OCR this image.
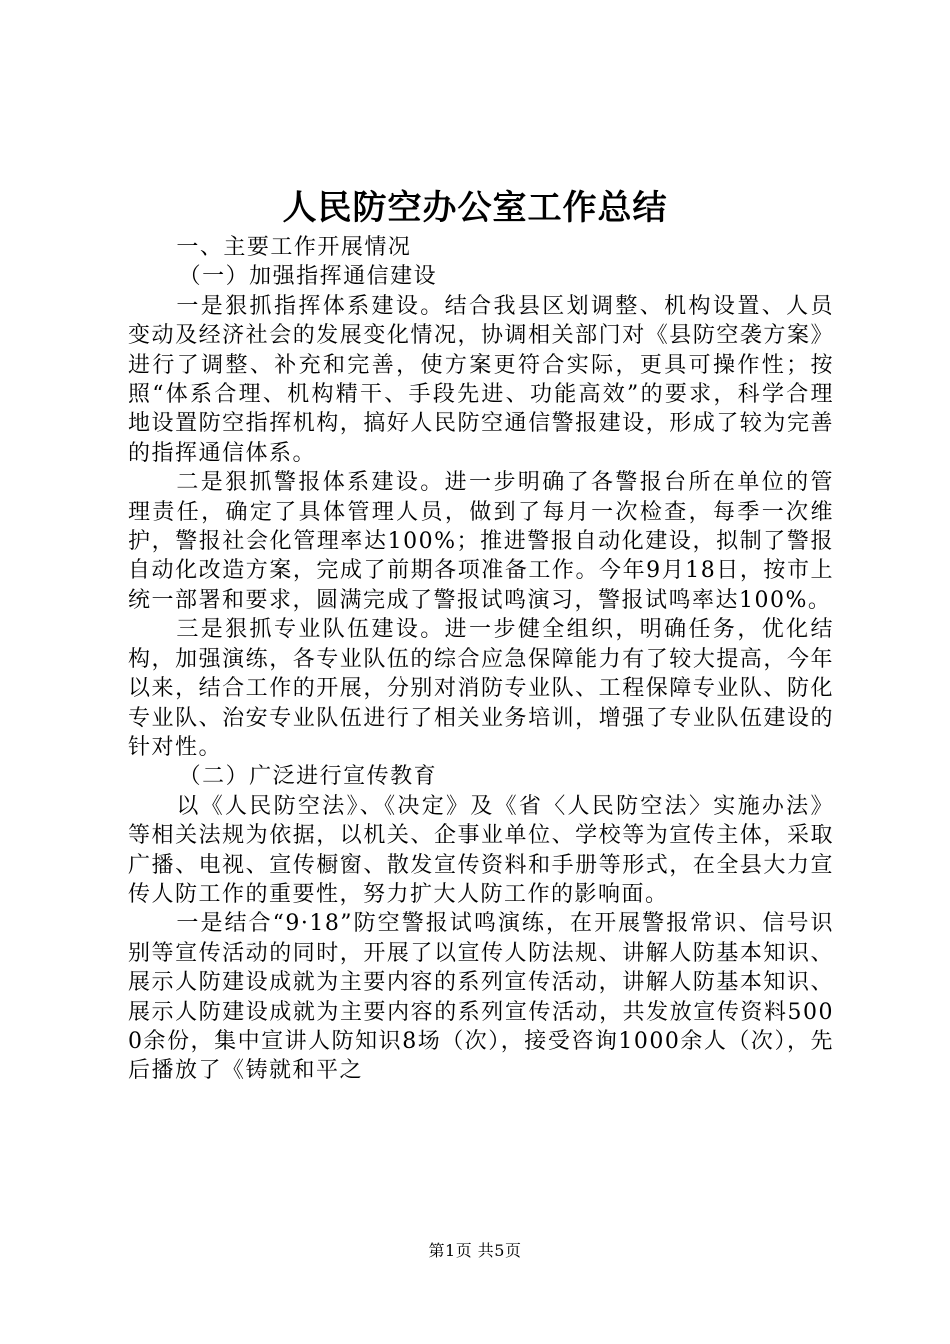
人民防空办公室工作总结

一、主要工作开展情况

（一）加强指挥通信建设

一是狠抓指挥体系建设。结合我县区划调整、机构设置、人员变动及经济社会的发展变化情况，协调相关部门对《县防空袭方案》进行了调整、补充和完善，使方案更符合实际，更具可操作性；按照“体系合理、机构精干、手段先进、功能高效”的要求，科学合理地设置防空指挥机构，搞好人民防空通信警报建设，形成了较为完善的指挥通信体系。

二是狠抓警报体系建设。进一步明确了各警报台所在单位的管理责任，确定了具体管理人员，做到了每月一次检查，每季一次维护，警报社会化管理率达100%；推进警报自动化建设，拟制了警报自动化改造方案，完成了前期各项准备工作。今年9月18日，按市上统一部署和要求，圆满完成了警报试鸣演习，警报试鸣率达100%。

三是狠抓专业队伍建设。进一步健全组织，明确任务，优化结构，加强演练，各专业队伍的综合应急保障能力有了较大提高，今年以来，结合工作的开展，分别对消防专业队、工程保障专业队、防化专业队、治安专业队伍进行了相关业务培训，增强了专业队伍建设的针对性。

（二）广泛进行宣传教育

以《人民防空法》、《决定》及《省〈人民防空法〉实施办法》等相关法规为依据，以机关、企事业单位、学校等为宣传主体，采取广播、电视、宣传橱窗、散发宣传资料和手册等形式，在全县大力宣传人防工作的重要性，努力扩大人防工作的影响面。

一是结合“9·18”防空警报试鸣演练，在开展警报常识、信号识别等宣传活动的同时，开展了以宣传人防法规、讲解人防基本知识、展示人防建设成就为主要内容的系列宣传活动，讲解人防基本知识、展示人防建设成就为主要内容的系列宣传活动，共发放宣传资料5000余份，集中宣讲人防知识8场（次），接受咨询1000余人（次），先后播放了《铸就和平之

第1页 共5页
